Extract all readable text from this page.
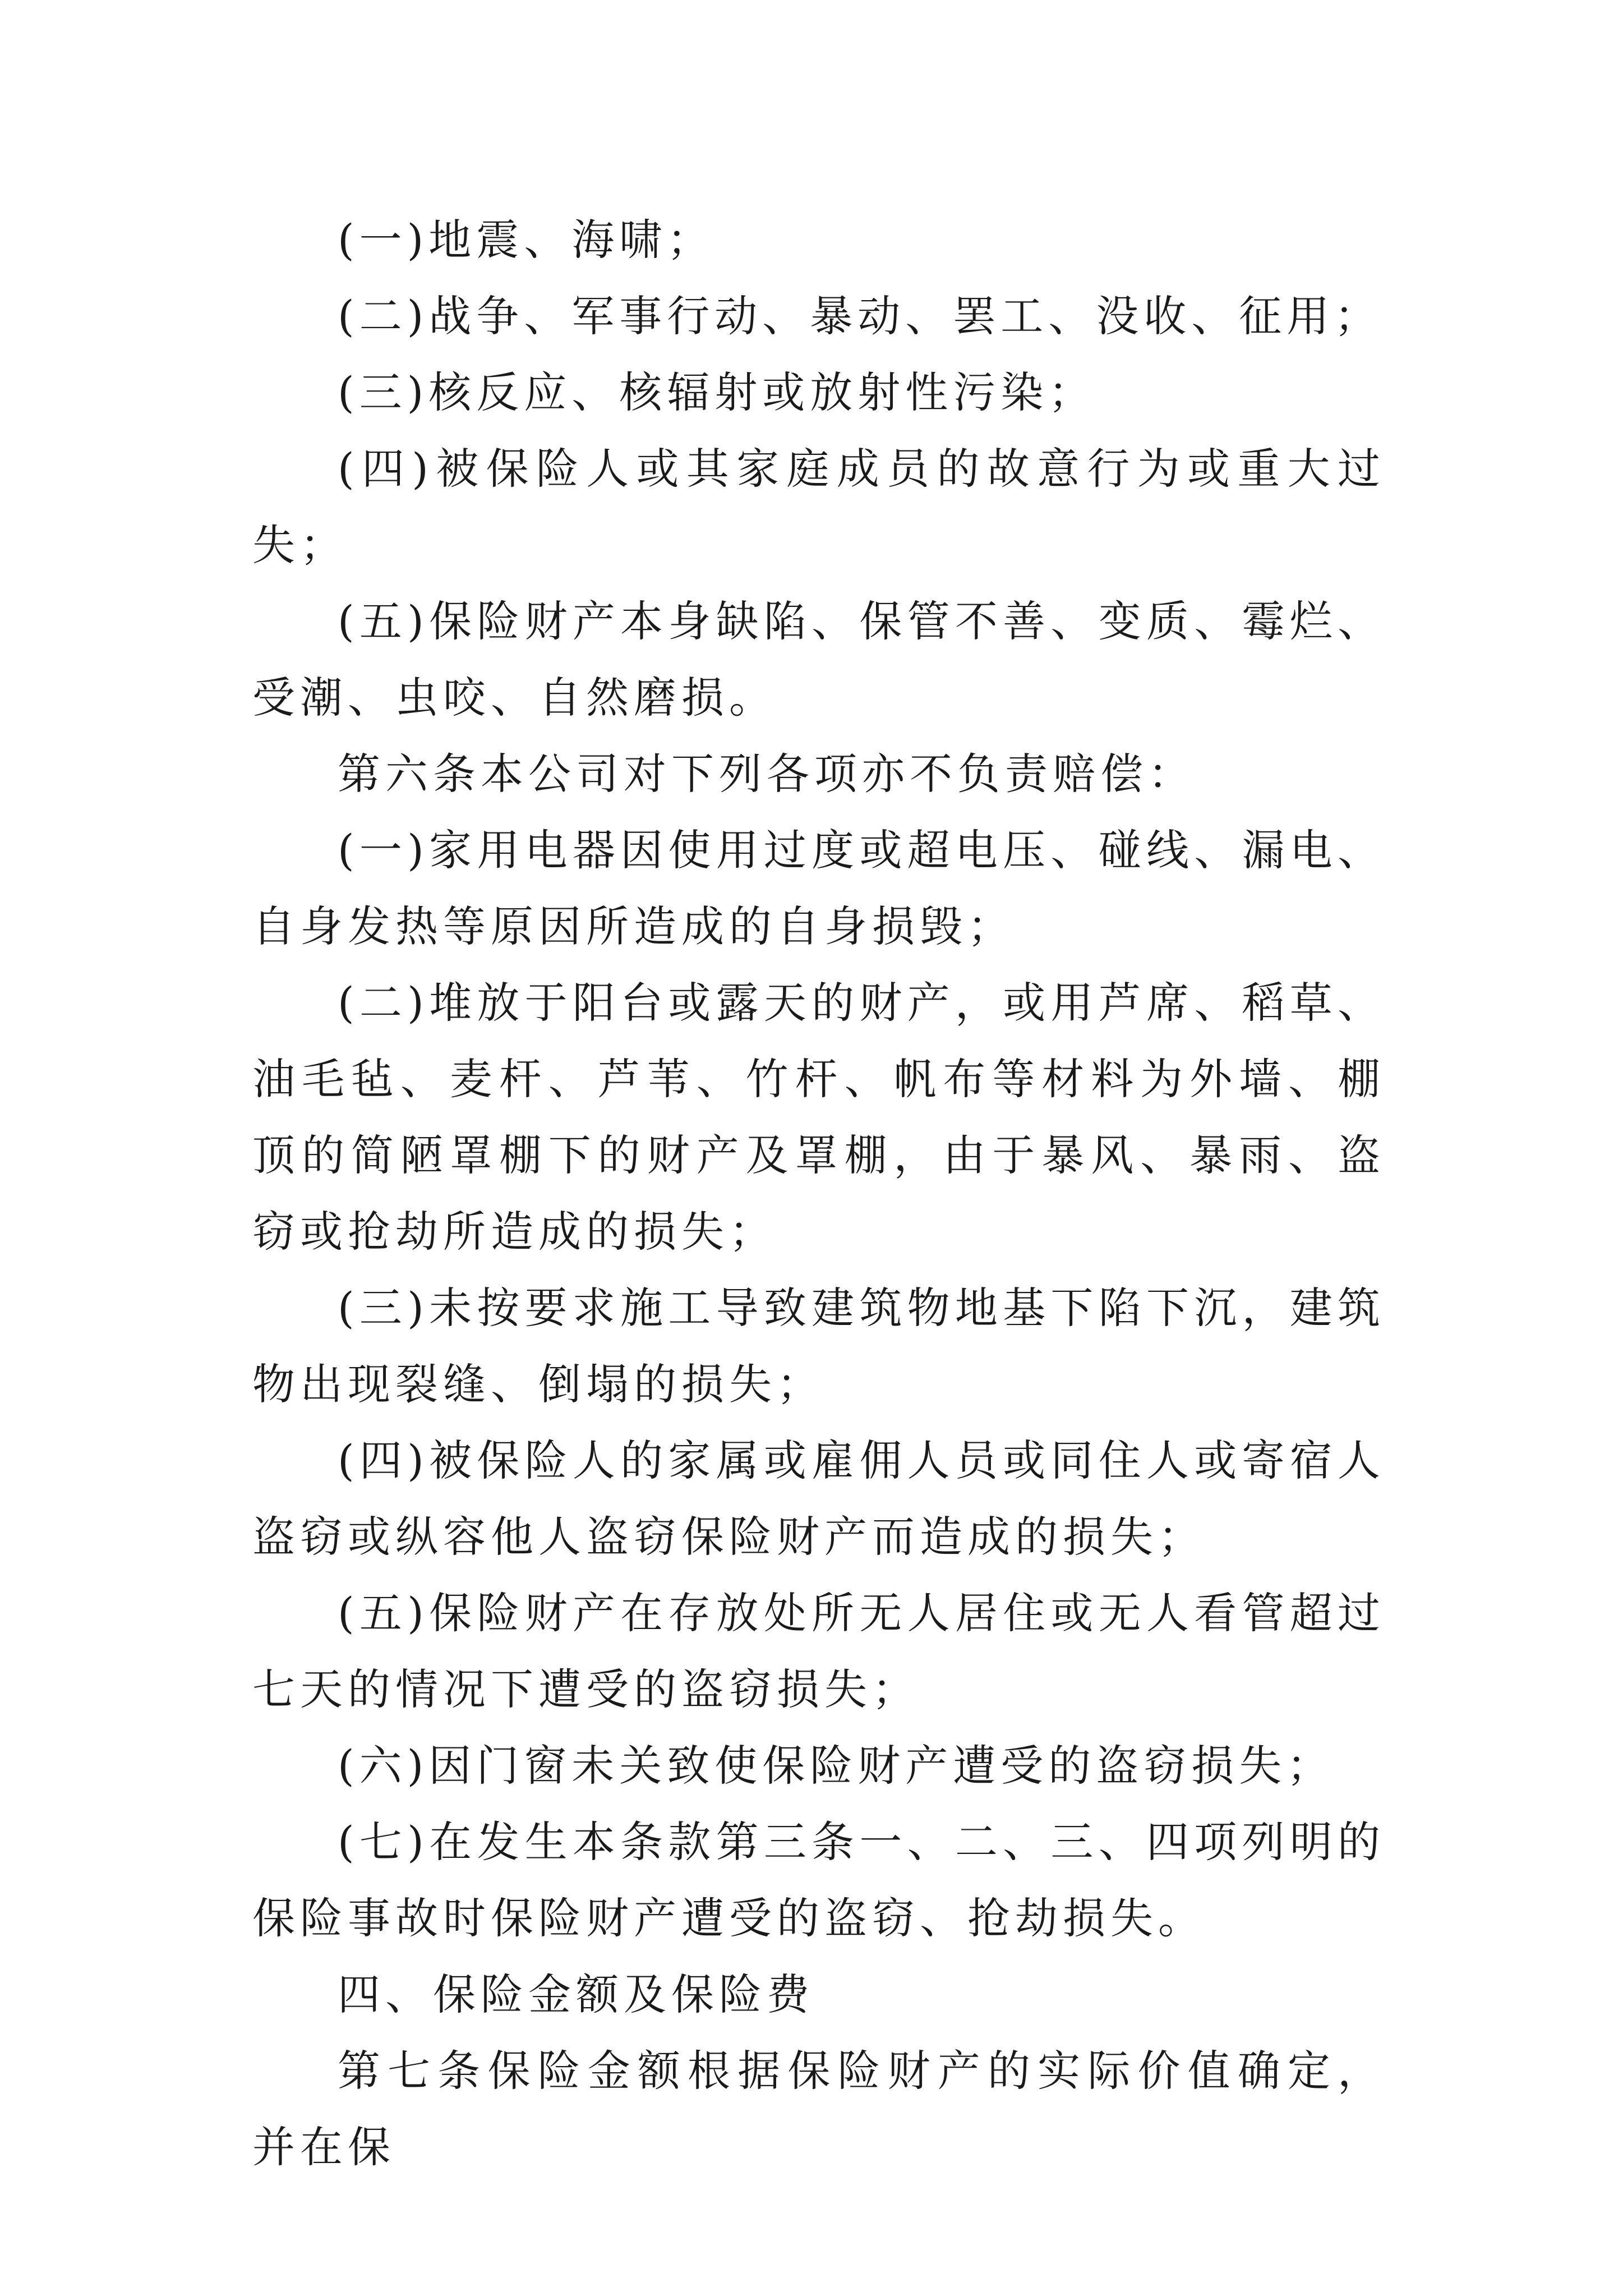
(一)地震、海啸；

(二)战争、军事行动、暴动、罢工、没收、征用；

(三)核反应、核辐射或放射性污染；

(四)被保险人或其家庭成员的故意行为或重大过失；

(五)保险财产本身缺陷、保管不善、变质、霉烂、受潮、虫咬、自然磨损。

第六条本公司对下列各项亦不负责赔偿：

(一)家用电器因使用过度或超电压、碰线、漏电、自身发热等原因所造成的自身损毁；

(二)堆放于阳台或露天的财产，或用芦席、稻草、油毛毡、麦杆、芦苇、竹杆、帆布等材料为外墙、棚顶的简陋罩棚下的财产及罩棚，由于暴风、暴雨、盗窃或抢劫所造成的损失；

(三)未按要求施工导致建筑物地基下陷下沉，建筑物出现裂缝、倒塌的损失；

(四)被保险人的家属或雇佣人员或同住人或寄宿人盗窃或纵容他人盗窃保险财产而造成的损失；

(五)保险财产在存放处所无人居住或无人看管超过七天的情况下遭受的盗窃损失；

(六)因门窗未关致使保险财产遭受的盗窃损失；

(七)在发生本条款第三条一、二、三、四项列明的保险事故时保险财产遭受的盗窃、抢劫损失。

四、保险金额及保险费

第七条保险金额根据保险财产的实际价值确定，并在保
